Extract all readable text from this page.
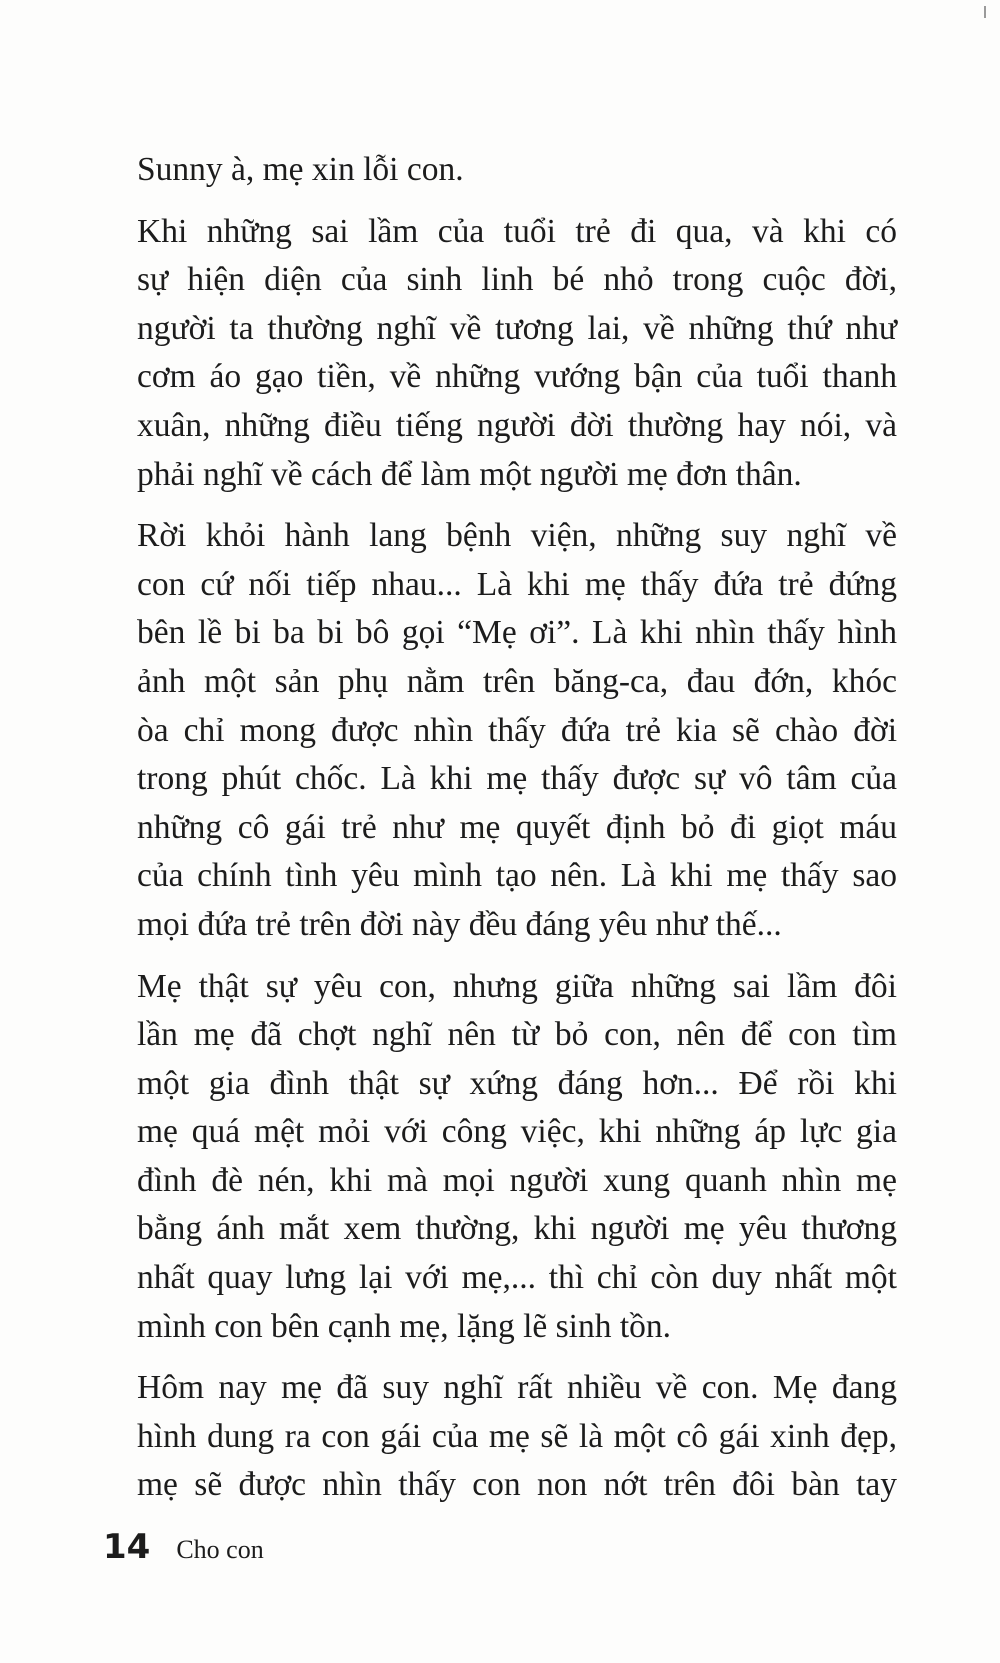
Sunny à, mẹ xin lỗi con.
Khi những sai lầm của tuổi trẻ đi qua, và khi có
sự hiện diện của sinh linh bé nhỏ trong cuộc đời,
người ta thường nghĩ về tương lai, về những thứ như
cơm áo gạo tiền, về những vướng bận của tuổi thanh
xuân, những điều tiếng người đời thường hay nói, và
phải nghĩ về cách để làm một người mẹ đơn thân.
Rời khỏi hành lang bệnh viện, những suy nghĩ về
con cứ nối tiếp nhau... Là khi mẹ thấy đứa trẻ đứng
bên lề bi ba bi bô gọi “Mẹ ơi”. Là khi nhìn thấy hình
ảnh một sản phụ nằm trên băng-ca, đau đớn, khóc
òa chỉ mong được nhìn thấy đứa trẻ kia sẽ chào đời
trong phút chốc. Là khi mẹ thấy được sự vô tâm của
những cô gái trẻ như mẹ quyết định bỏ đi giọt máu
của chính tình yêu mình tạo nên. Là khi mẹ thấy sao
mọi đứa trẻ trên đời này đều đáng yêu như thế...
Mẹ thật sự yêu con, nhưng giữa những sai lầm đôi
lần mẹ đã chợt nghĩ nên từ bỏ con, nên để con tìm
một gia đình thật sự xứng đáng hơn... Để rồi khi
mẹ quá mệt mỏi với công việc, khi những áp lực gia
đình đè nén, khi mà mọi người xung quanh nhìn mẹ
bằng ánh mắt xem thường, khi người mẹ yêu thương
nhất quay lưng lại với mẹ,... thì chỉ còn duy nhất một
mình con bên cạnh mẹ, lặng lẽ sinh tồn.
Hôm nay mẹ đã suy nghĩ rất nhiều về con. Mẹ đang
hình dung ra con gái của mẹ sẽ là một cô gái xinh đẹp,
mẹ sẽ được nhìn thấy con non nớt trên đôi bàn tay
14 Cho con
